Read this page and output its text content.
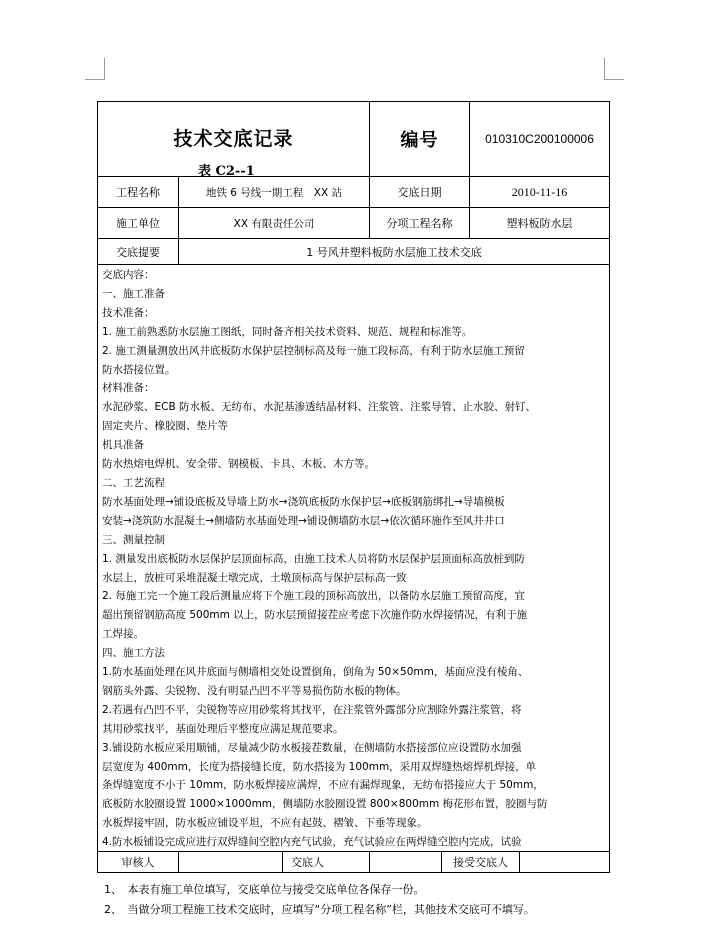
技术交底记录
表 C2--1
编号	010310C200100006
工程名称	地铁 6 号线一期工程　XX 站	交底日期	2010-11-16
施工单位	XX 有限责任公司	分项工程名称	塑料板防水层
交底提要	1 号风井塑料板防水层施工技术交底
交底内容：
一、施工准备
技术准备：
1. 施工前熟悉防水层施工图纸，同时备齐相关技术资料、规范、规程和标准等。
2. 施工测量测放出风井底板防水保护层控制标高及每一施工段标高，有利于防水层施工预留
防水搭接位置。
材料准备：
水泥砂浆、ECB 防水板、无纺布、水泥基渗透结晶材料、注浆管、注浆导管、止水胶、射钉、
固定夹片、橡胶圈、垫片等
机具准备
防水热熔电焊机、安全带、钢模板、卡具、木板、木方等。
二、工艺流程
防水基面处理→铺设底板及导墙上防水→浇筑底板防水保护层→底板钢筋绑扎→导墙模板
安装→浇筑防水混凝土→侧墙防水基面处理→铺设侧墙防水层→依次循环施作至风井井口
三、测量控制
1. 测量发出底板防水层保护层顶面标高，由施工技术人员将防水层保护层顶面标高放桩到防
水层上，放桩可采堆混凝土墩完成，土墩顶标高与保护层标高一致
2. 每施工完一个施工段后测量应将下个施工段的顶标高放出，以备防水层施工预留高度，宜
超出预留钢筋高度 500mm 以上，防水层预留接茬应考虑下次施作防水焊接情况，有利于施
工焊接。
四、施工方法
1.防水基面处理在风井底面与侧墙相交处设置倒角，倒角为 50×50mm，基面应没有棱角、
钢筋头外露、尖锐物、没有明显凸凹不平等易损伤防水板的物体。
2.若遇有凸凹不平，尖锐物等应用砂浆将其找平，在注浆管外露部分应割除外露注浆管，将
其用砂浆找平，基面处理后平整度应满足规范要求。
3.铺设防水板应采用顺铺，尽量减少防水板接茬数量，在侧墙防水搭接部位应设置防水加强
层宽度为 400mm，长度为搭接缝长度，防水搭接为 100mm，采用双焊缝热熔焊机焊接，单
条焊缝宽度不小于 10mm，防水板焊接应满焊，不应有漏焊现象，无纺布搭接应大于 50mm，
底板防水胶圈设置 1000×1000mm，侧墙防水胶圈设置 800×800mm 梅花形布置，胶圈与防
水板焊接牢固，防水板应铺设平坦，不应有起鼓、褶皱、下垂等现象。
4.防水板铺设完成应进行双焊缝间空腔内充气试验，充气试验应在两焊缝空腔内完成，试验
审核人	交底人	接受交底人
1、　本表有施工单位填写，交底单位与接受交底单位各保存一份。
2、　当做分项工程施工技术交底时，应填写“分项工程名称”栏，其他技术交底可不填写。
